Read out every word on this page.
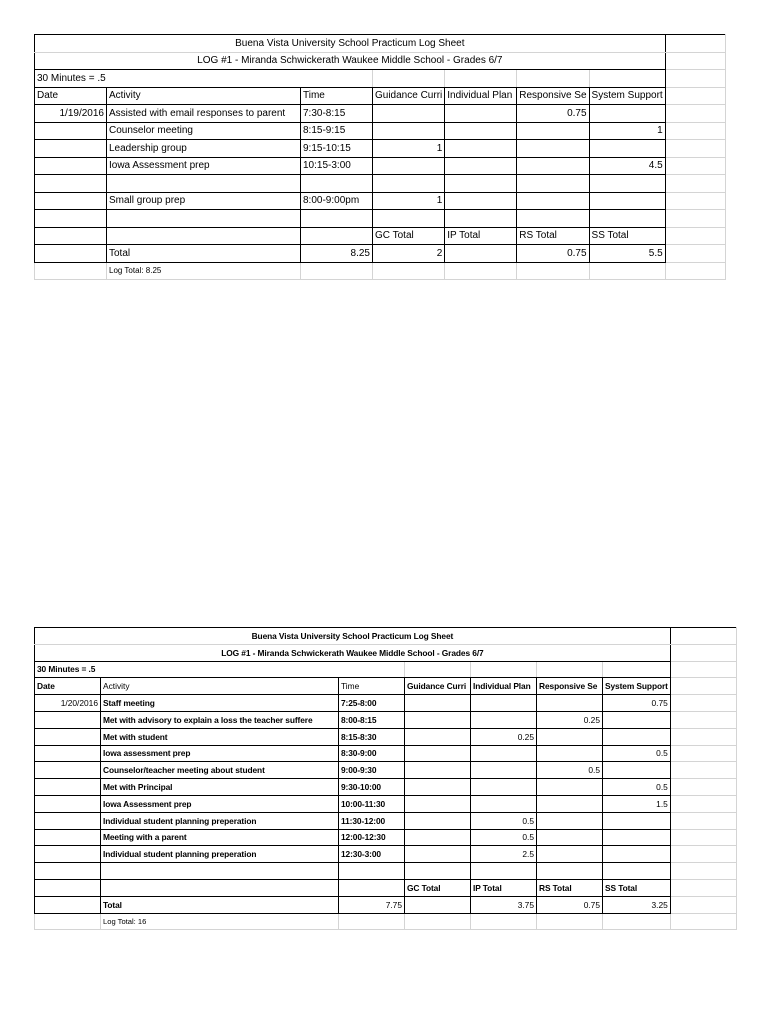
Buena Vista University School Practicum Log Sheet							
LOG #1 - Miranda Schwickerath Waukee Middle School - Grades 6/7							
30 Minutes = .5							
Date	Activity	Time	Guidance Curri	Individual Plan	Responsive Se	System Support	
1/19/2016	Assisted with email responses to parent	7:30-8:15			0.75		
	Counselor meeting	8:15-9:15				1	
	Leadership group	9:15-10:15	1				
	Iowa Assessment prep	10:15-3:00				4.5	

	Small group prep	8:00-9:00pm	1				

			GC Total	IP Total	RS Total	SS Total	
	Total	8.25	2		0.75	5.5	
	Log Total: 8.25						
Buena Vista University School Practicum Log Sheet							
LOG #1 - Miranda Schwickerath Waukee Middle School - Grades 6/7							
30 Minutes = .5							
Date	Activity	Time	Guidance Curri	Individual Plan	Responsive Se	System Support	
1/20/2016	Staff meeting	7:25-8:00				0.75	
	Met with advisory to explain a loss the teacher suffere	8:00-8:15			0.25		
	Met with student	8:15-8:30		0.25			
	Iowa assessment prep	8:30-9:00				0.5	
	Counselor/teacher meeting about student	9:00-9:30			0.5		
	Met with Principal	9:30-10:00				0.5	
	Iowa Assessment prep	10:00-11:30				1.5	
	Individual student planning preperation	11:30-12:00		0.5			
	Meeting with a parent	12:00-12:30		0.5			
	Individual student planning preperation	12:30-3:00		2.5			

			GC Total	IP Total	RS Total	SS Total	
	Total	7.75		3.75	0.75	3.25	
	Log Total: 16						
